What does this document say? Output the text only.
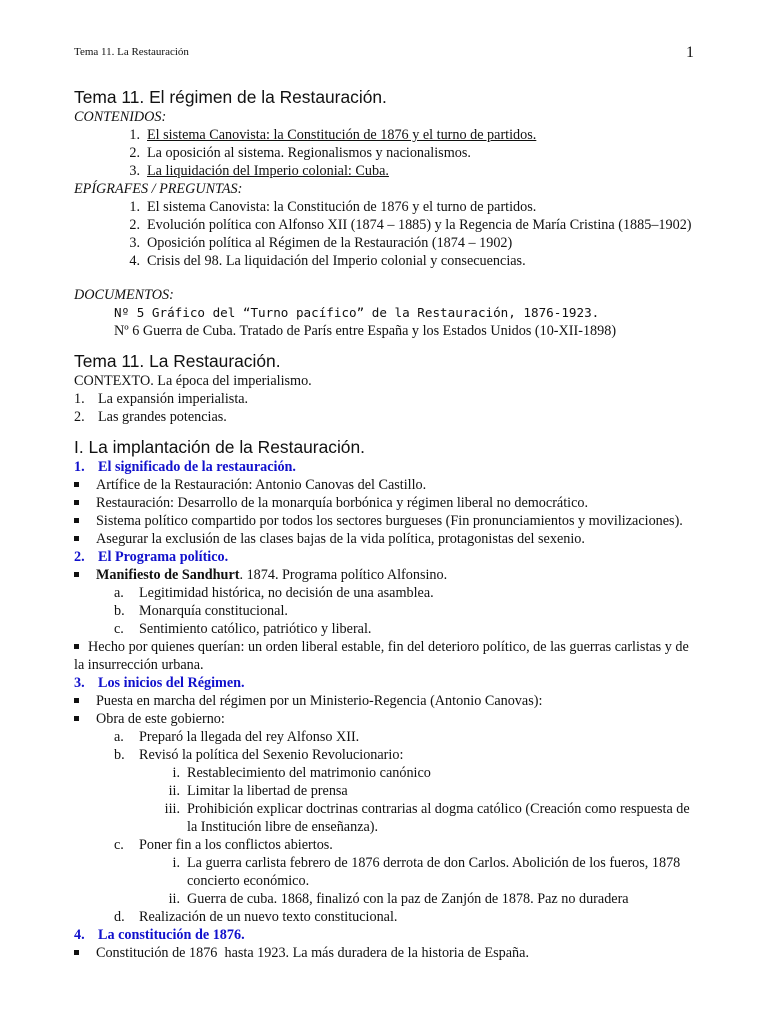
Tema 11. La Restauración	1
Tema 11. El régimen de la Restauración.
CONTENIDOS:
1. El sistema Canovista: la Constitución de 1876 y el turno de partidos.
2. La oposición al sistema. Regionalismos y nacionalismos.
3. La liquidación del Imperio colonial: Cuba.
EPÍGRAFES / PREGUNTAS:
1. El sistema Canovista: la Constitución de 1876 y el turno de partidos.
2. Evolución política con Alfonso XII (1874 – 1885) y la Regencia de María Cristina (1885–1902)
3. Oposición política al Régimen de la Restauración (1874 – 1902)
4. Crisis del 98. La liquidación del Imperio colonial y consecuencias.
DOCUMENTOS:
Nº 5 Gráfico del “Turno pacífico” de la Restauración, 1876-1923.
Nº 6 Guerra de Cuba. Tratado de París entre España y los Estados Unidos (10-XII-1898)
Tema 11. La Restauración.
CONTEXTO. La época del imperialismo.
1. La expansión imperialista.
2. Las grandes potencias.
I. La implantación de la Restauración.
1. El significado de la restauración.
Artífice de la Restauración: Antonio Canovas del Castillo.
Restauración: Desarrollo de la monarquía borbónica y régimen liberal no democrático.
Sistema político compartido por todos los sectores burgueses (Fin pronunciamientos y movilizaciones).
Asegurar la exclusión de las clases bajas de la vida política, protagonistas del sexenio.
2. El Programa político.
Manifiesto de Sandhurt. 1874. Programa político Alfonsino.
a. Legitimidad histórica, no decisión de una asamblea.
b. Monarquía constitucional.
c. Sentimiento católico, patriótico y liberal.
Hecho por quienes querían: un orden liberal estable, fin del deterioro político, de las guerras carlistas y de la insurrección urbana.
3. Los inicios del Régimen.
Puesta en marcha del régimen por un Ministerio-Regencia (Antonio Canovas):
Obra de este gobierno:
a. Preparó la llegada del rey Alfonso XII.
b. Revisó la política del Sexenio Revolucionario:
i. Restablecimiento del matrimonio canónico
ii. Limitar la libertad de prensa
iii. Prohibición explicar doctrinas contrarias al dogma católico (Creación como respuesta de la Institución libre de enseñanza).
c. Poner fin a los conflictos abiertos.
i. La guerra carlista febrero de 1876 derrota de don Carlos. Abolición de los fueros, 1878 concierto económico.
ii. Guerra de cuba. 1868, finalizó con la paz de Zanjón de 1878. Paz no duradera
d. Realización de un nuevo texto constitucional.
4. La constitución de 1876.
Constitución de 1876  hasta 1923. La más duradera de la historia de España.
